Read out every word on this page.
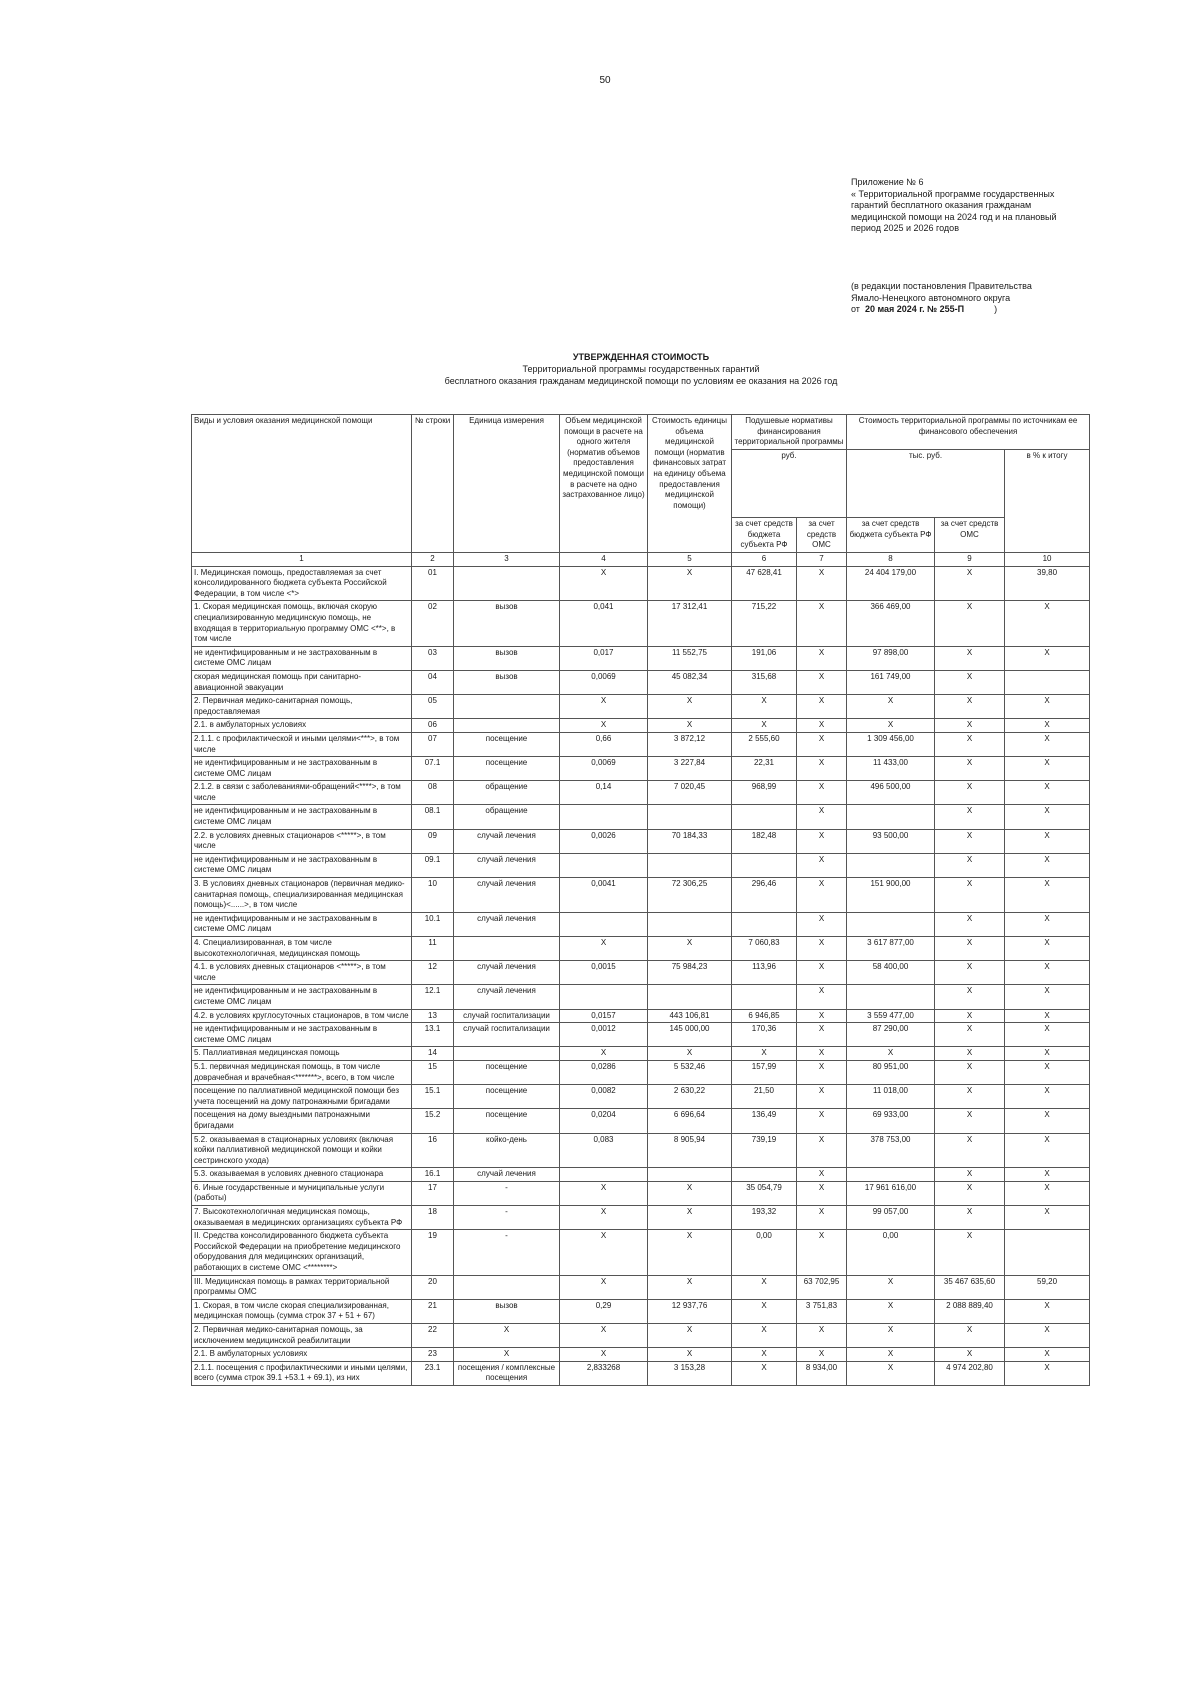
50
Приложение № 6
« Территориальной программе государственных
гарантий бесплатного оказания гражданам
медицинской помощи на 2024 год и на плановый
период 2025 и 2026 годов
(в редакции постановления Правительства
Ямало-Ненецкого автономного округа
от 20 мая 2024 г. № 255-П	)
УТВЕРЖДЕННАЯ СТОИМОСТЬ
Территориальной программы государственных гарантий
бесплатного оказания гражданам медицинской помощи по условиям ее оказания на 2026 год
Виды и условия оказания медицинской помощи	№ строки	Единица измерения	Объем медицинской помощи в расчете на одного жителя (норматив объемов предоставления медицинской помощи в расчете на одно застрахованное лицо)	Стоимость единицы объема медицинской помощи (норматив финансовых затрат на единицу объема предоставления медицинской помощи)	Подушевые нормативы финансирования территориальной программы		Стоимость территориальной программы по источникам ее финансового обеспечения		
					руб.		тыс. руб.		в % к итогу
					за счет средств бюджета субъекта РФ	за счет средств ОМС	за счет средств бюджета субъекта РФ	за счет средств ОМС	
1	2	3	4	5	6	7	8	9	10
I. Медицинская помощь, предоставляемая за счет консолидированного бюджета субъекта Российской Федерации, в том числе <*>	01		X	X	47 628,41	X	24 404 179,00	X	39,80
1. Скорая медицинская помощь, включая скорую специализированную медицинскую помощь, не входящая в территориальную программу ОМС <**>, в том числе	02	вызов	0,041	17 312,41	715,22	X	366 469,00	X	X
не идентифицированным и не застрахованным в системе ОМС лицам	03	вызов	0,017	11 552,75	191,06	X	97 898,00	X	X
скорая медицинская помощь при санитарно-авиационной эвакуации	04	вызов	0,0069	45 082,34	315,68	X	161 749,00	X	
2. Первичная медико-санитарная помощь, предоставляемая	05		X	X	X	X	X	X	X
2.1. в амбулаторных условиях	06		X	X	X	X	X	X	X
2.1.1. с профилактической и иными целями<***>, в том числе	07	посещение	0,66	3 872,12	2 555,60	X	1 309 456,00	X	X
не идентифицированным и не застрахованным в системе ОМС лицам	07.1	посещение	0,0069	3 227,84	22,31	X	11 433,00	X	X
2.1.2. в связи с заболеваниями-обращений<****>, в том числе	08	обращение	0,14	7 020,45	968,99	X	496 500,00	X	X
не идентифицированным и не застрахованным в системе ОМС лицам	08.1	обращение				X		X	X
2.2. в условиях дневных стационаров <*****>, в том числе	09	случай лечения	0,0026	70 184,33	182,48	X	93 500,00	X	X
не идентифицированным и не застрахованным в системе ОМС лицам	09.1	случай лечения				X		X	X
3. В условиях дневных стационаров (первичная медико-санитарная помощь, специализированная медицинская помощь)<......>, в том числе	10	случай лечения	0,0041	72 306,25	296,46	X	151 900,00	X	X
не идентифицированным и не застрахованным в системе ОМС лицам	10.1	случай лечения				X		X	X
4. Специализированная, в том числе высокотехнологичная, медицинская помощь	11		X	X	7 060,83	X	3 617 877,00	X	X
4.1. в условиях дневных стационаров <*****>, в том числе	12	случай лечения	0,0015	75 984,23	113,96	X	58 400,00	X	X
не идентифицированным и не застрахованным в системе ОМС лицам	12.1	случай лечения				X		X	X
4.2. в условиях круглосуточных стационаров, в том числе	13	случай госпитализации	0,0157	443 106,81	6 946,85	X	3 559 477,00	X	X
не идентифицированным и не застрахованным в системе ОМС лицам	13.1	случай госпитализации	0,0012	145 000,00	170,36	X	87 290,00	X	X
5. Паллиативная медицинская помощь	14		X	X	X	X	X	X	X
5.1. первичная медицинская помощь, в том числе доврачебная и врачебная<*******>, всего, в том числе	15	посещение	0,0286	5 532,46	157,99	X	80 951,00	X	X
посещение по паллиативной медицинской помощи без учета посещений на дому патронажными бригадами	15.1	посещение	0,0082	2 630,22	21,50	X	11 018,00	X	X
посещения на дому выездными патронажными бригадами	15.2	посещение	0,0204	6 696,64	136,49	X	69 933,00	X	X
5.2. оказываемая в стационарных условиях (включая койки паллиативной медицинской помощи и койки сестринского ухода)	16	койко-день	0,083	8 905,94	739,19	X	378 753,00	X	X
5.3. оказываемая в условиях дневного стационара	16.1	случай лечения				X		X	X
6. Иные государственные и муниципальные услуги (работы)	17	-	X	X	35 054,79	X	17 961 616,00	X	X
7. Высокотехнологичная медицинская помощь, оказываемая в медицинских организациях субъекта РФ	18	-	X	X	193,32	X	99 057,00	X	X
II. Средства консолидированного бюджета субъекта Российской Федерации на приобретение медицинского оборудования для медицинских организаций, работающих в системе ОМС <********>	19	-	X	X	0,00	X	0,00	X	
III. Медицинская помощь в рамках территориальной программы ОМС	20		X	X	X	63 702,95	X	35 467 635,60	59,20
1. Скорая, в том числе скорая специализированная, медицинская помощь (сумма строк 37 + 51 + 67)	21	вызов	0,29	12 937,76	X	3 751,83	X	2 088 889,40	X
2. Первичная медико-санитарная помощь, за исключением медицинской реабилитации	22	X	X	X	X	X	X	X	X
2.1. В амбулаторных условиях	23	X	X	X	X	X	X	X	X
2.1.1. посещения с профилактическими и иными целями, всего (сумма строк 39.1 +53.1 + 69.1), из них	23.1	посещения / комплексные посещения	2,833268	3 153,28	X	8 934,00	X	4 974 202,80	X
